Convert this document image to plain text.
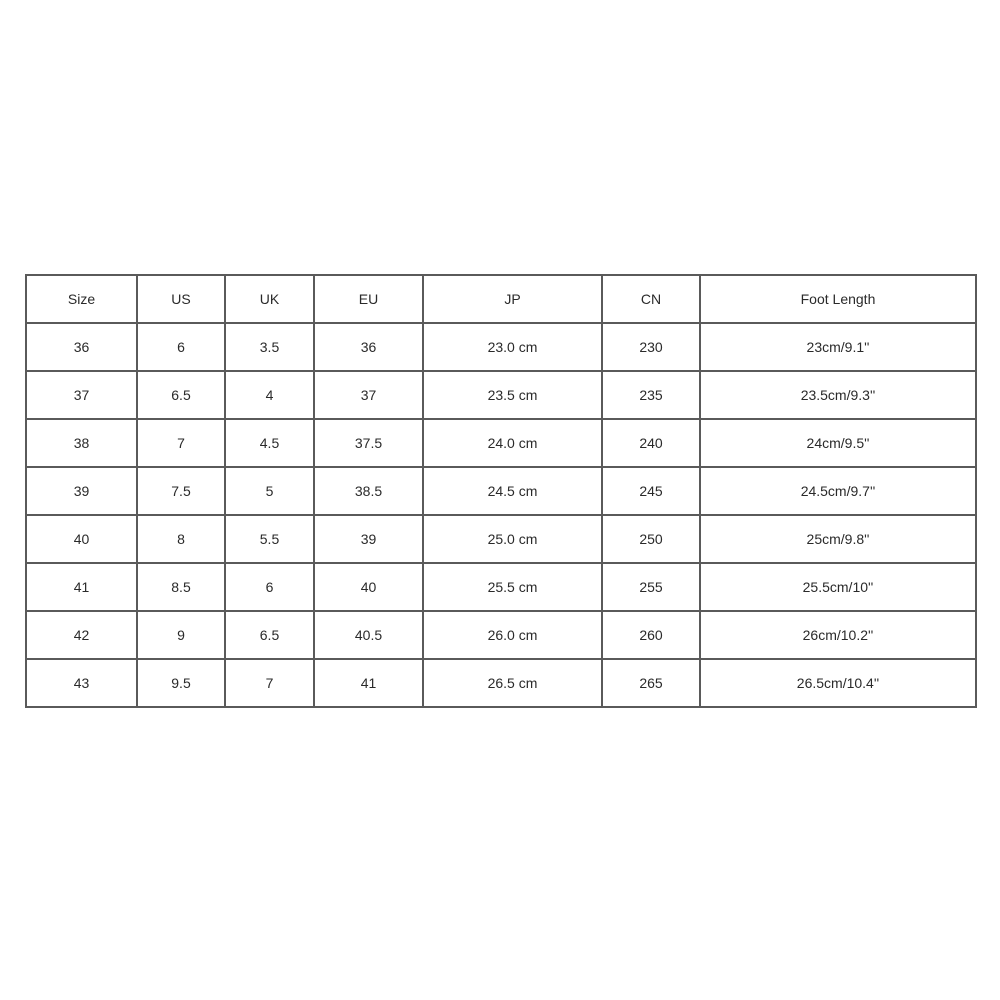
Size	US	UK	EU	JP	CN	Foot Length
36	6	3.5	36	23.0 cm	230	23cm/9.1''
37	6.5	4	37	23.5 cm	235	23.5cm/9.3''
38	7	4.5	37.5	24.0 cm	240	24cm/9.5''
39	7.5	5	38.5	24.5 cm	245	24.5cm/9.7''
40	8	5.5	39	25.0 cm	250	25cm/9.8''
41	8.5	6	40	25.5 cm	255	25.5cm/10''
42	9	6.5	40.5	26.0 cm	260	26cm/10.2''
43	9.5	7	41	26.5 cm	265	26.5cm/10.4''
